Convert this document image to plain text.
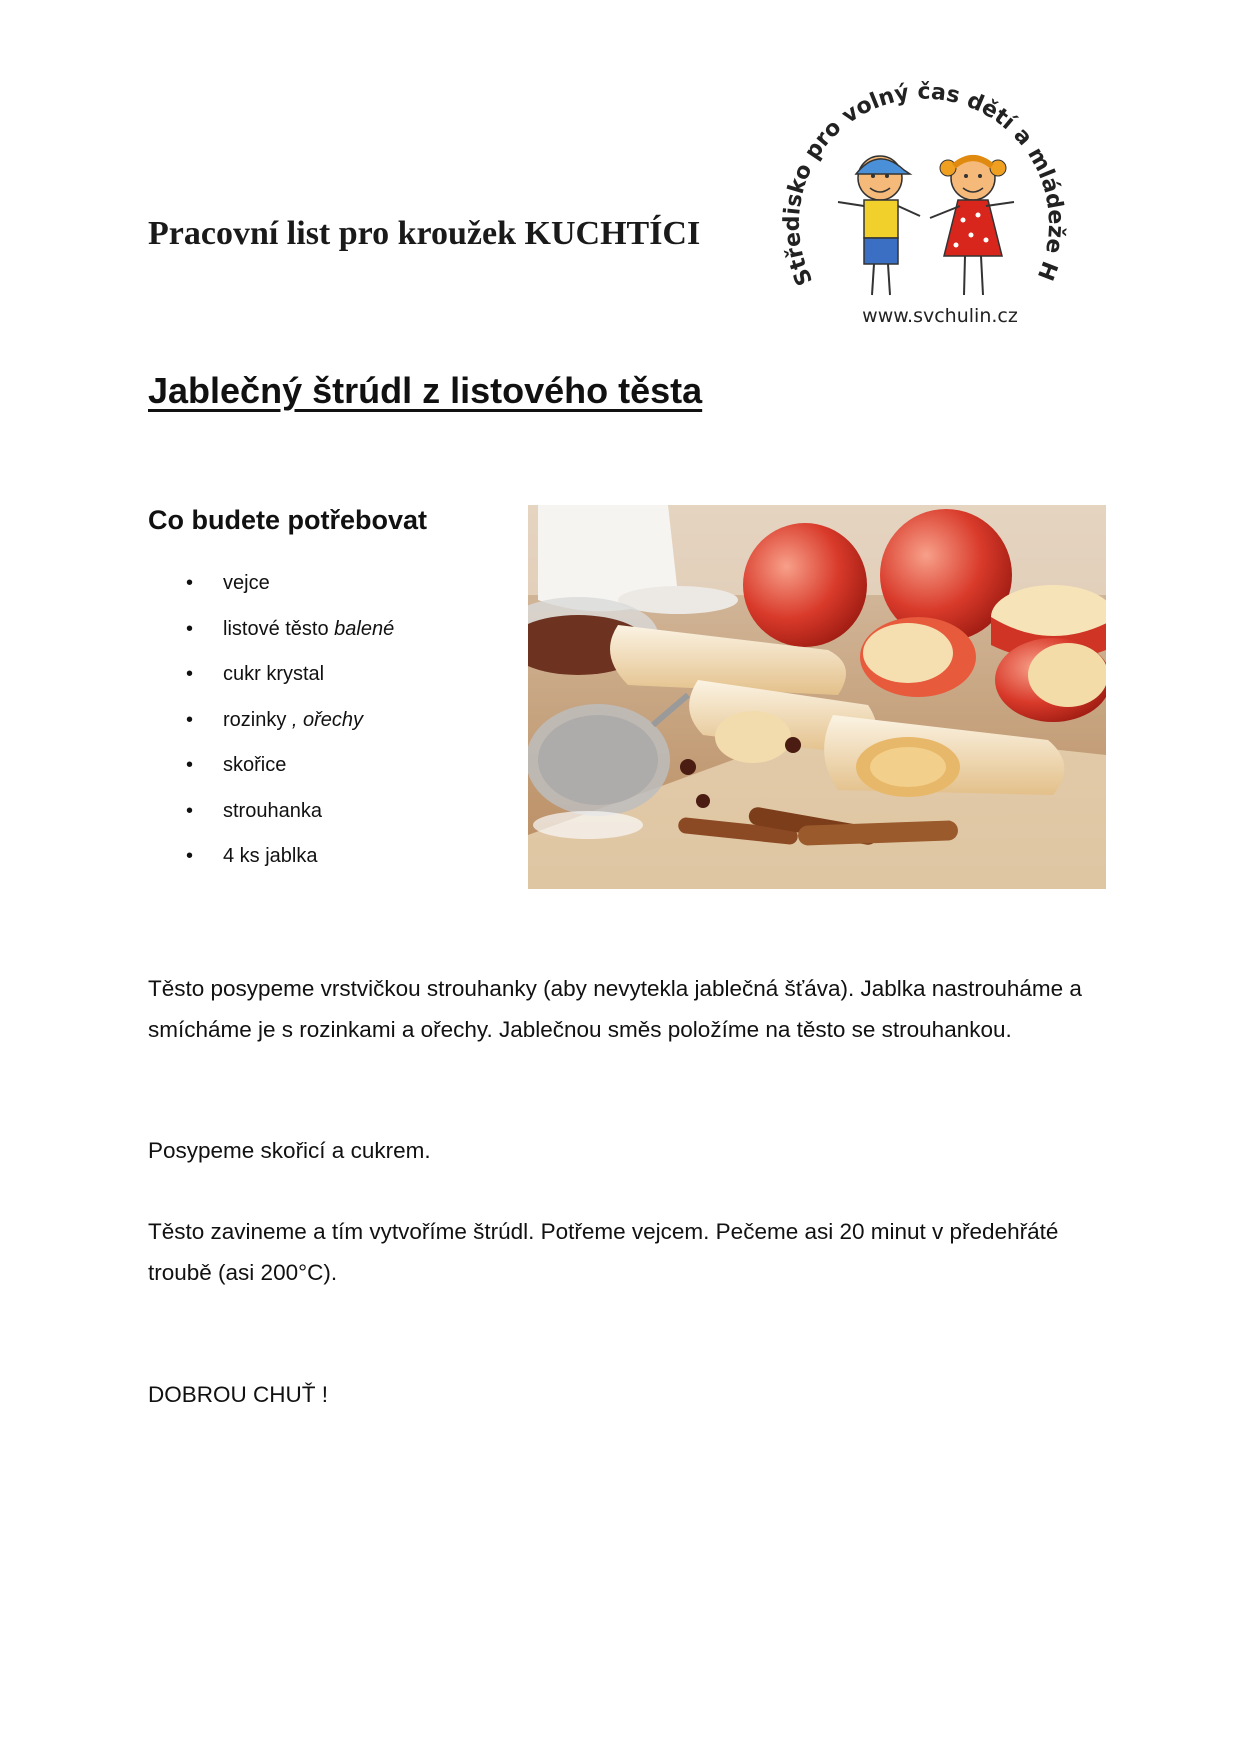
Pracovní list pro kroužek KUCHTÍCI
Středisko pro volný čas dětí a mládeže H
www.svchulin.cz
Jablečný štrúdl z listového těsta
Co budete potřebovat
• vejce
• listové těsto balené
• cukr krystal
• rozinky , ořechy
• skořice
• strouhanka
• 4 ks jablka

Těsto posypeme vrstvičkou strouhanky (aby nevytekla jablečná šťáva). Jablka nastrouháme a smícháme je s rozinkami a ořechy. Jablečnou směs položíme na těsto se strouhankou.

Posypeme skořicí a cukrem.

Těsto zavineme a tím vytvoříme štrúdl. Potřeme vejcem. Pečeme asi 20 minut v předehřáté troubě (asi 200°C).

DOBROU CHUŤ !
